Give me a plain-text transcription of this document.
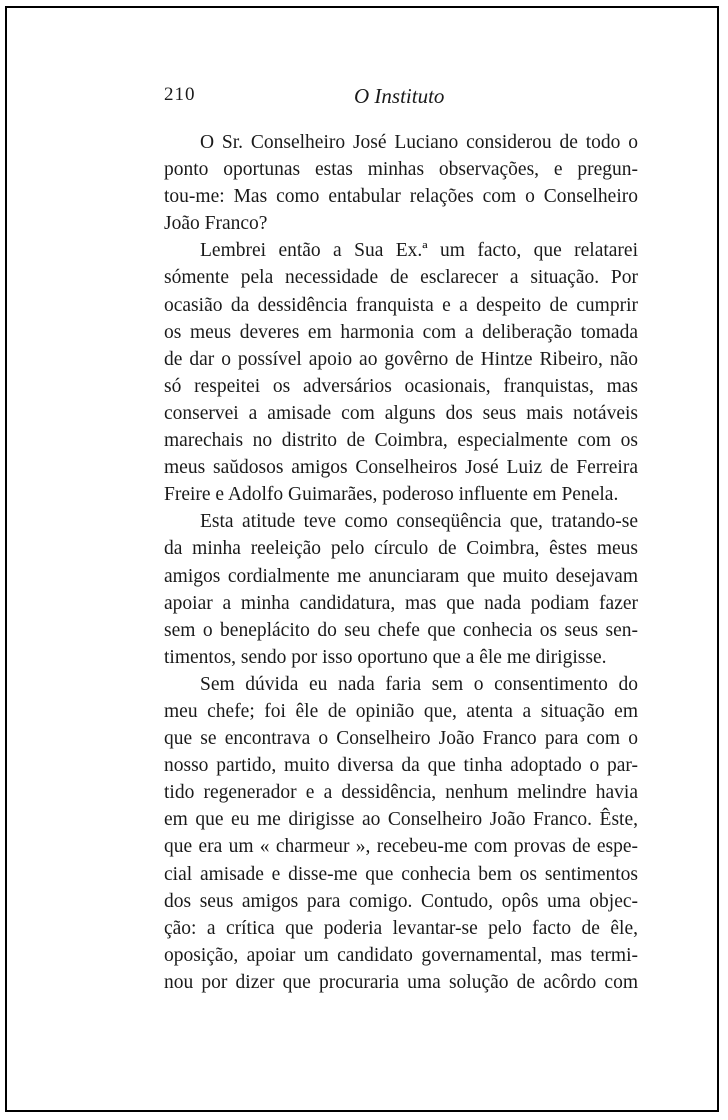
210	O Instituto
O Sr. Conselheiro José Luciano considerou de todo o
ponto oportunas estas minhas observações, e pregun-
tou-me: Mas como entabular relações com o Conselheiro
João Franco?
Lembrei então a Sua Ex.ª um facto, que relatarei
sómente pela necessidade de esclarecer a situação. Por
ocasião da dessidência franquista e a despeito de cumprir
os meus deveres em harmonia com a deliberação tomada
de dar o possível apoio ao govêrno de Hintze Ribeiro, não
só respeitei os adversários ocasionais, franquistas, mas
conservei a amisade com alguns dos seus mais notáveis
marechais no distrito de Coimbra, especialmente com os
meus saŭdosos amigos Conselheiros José Luiz de Ferreira
Freire e Adolfo Guimarães, poderoso influente em Penela.
Esta atitude teve como conseqüência que, tratando-se
da minha reeleição pelo círculo de Coimbra, êstes meus
amigos cordialmente me anunciaram que muito desejavam
apoiar a minha candidatura, mas que nada podiam fazer
sem o beneplácito do seu chefe que conhecia os seus sen-
timentos, sendo por isso oportuno que a êle me dirigisse.
Sem dúvida eu nada faria sem o consentimento do
meu chefe; foi êle de opinião que, atenta a situação em
que se encontrava o Conselheiro João Franco para com o
nosso partido, muito diversa da que tinha adoptado o par-
tido regenerador e a dessidência, nenhum melindre havia
em que eu me dirigisse ao Conselheiro João Franco. Êste,
que era um « charmeur », recebeu-me com provas de espe-
cial amisade e disse-me que conhecia bem os sentimentos
dos seus amigos para comigo. Contudo, opôs uma objec-
ção: a crítica que poderia levantar-se pelo facto de êle,
oposição, apoiar um candidato governamental, mas termi-
nou por dizer que procuraria uma solução de acôrdo com
